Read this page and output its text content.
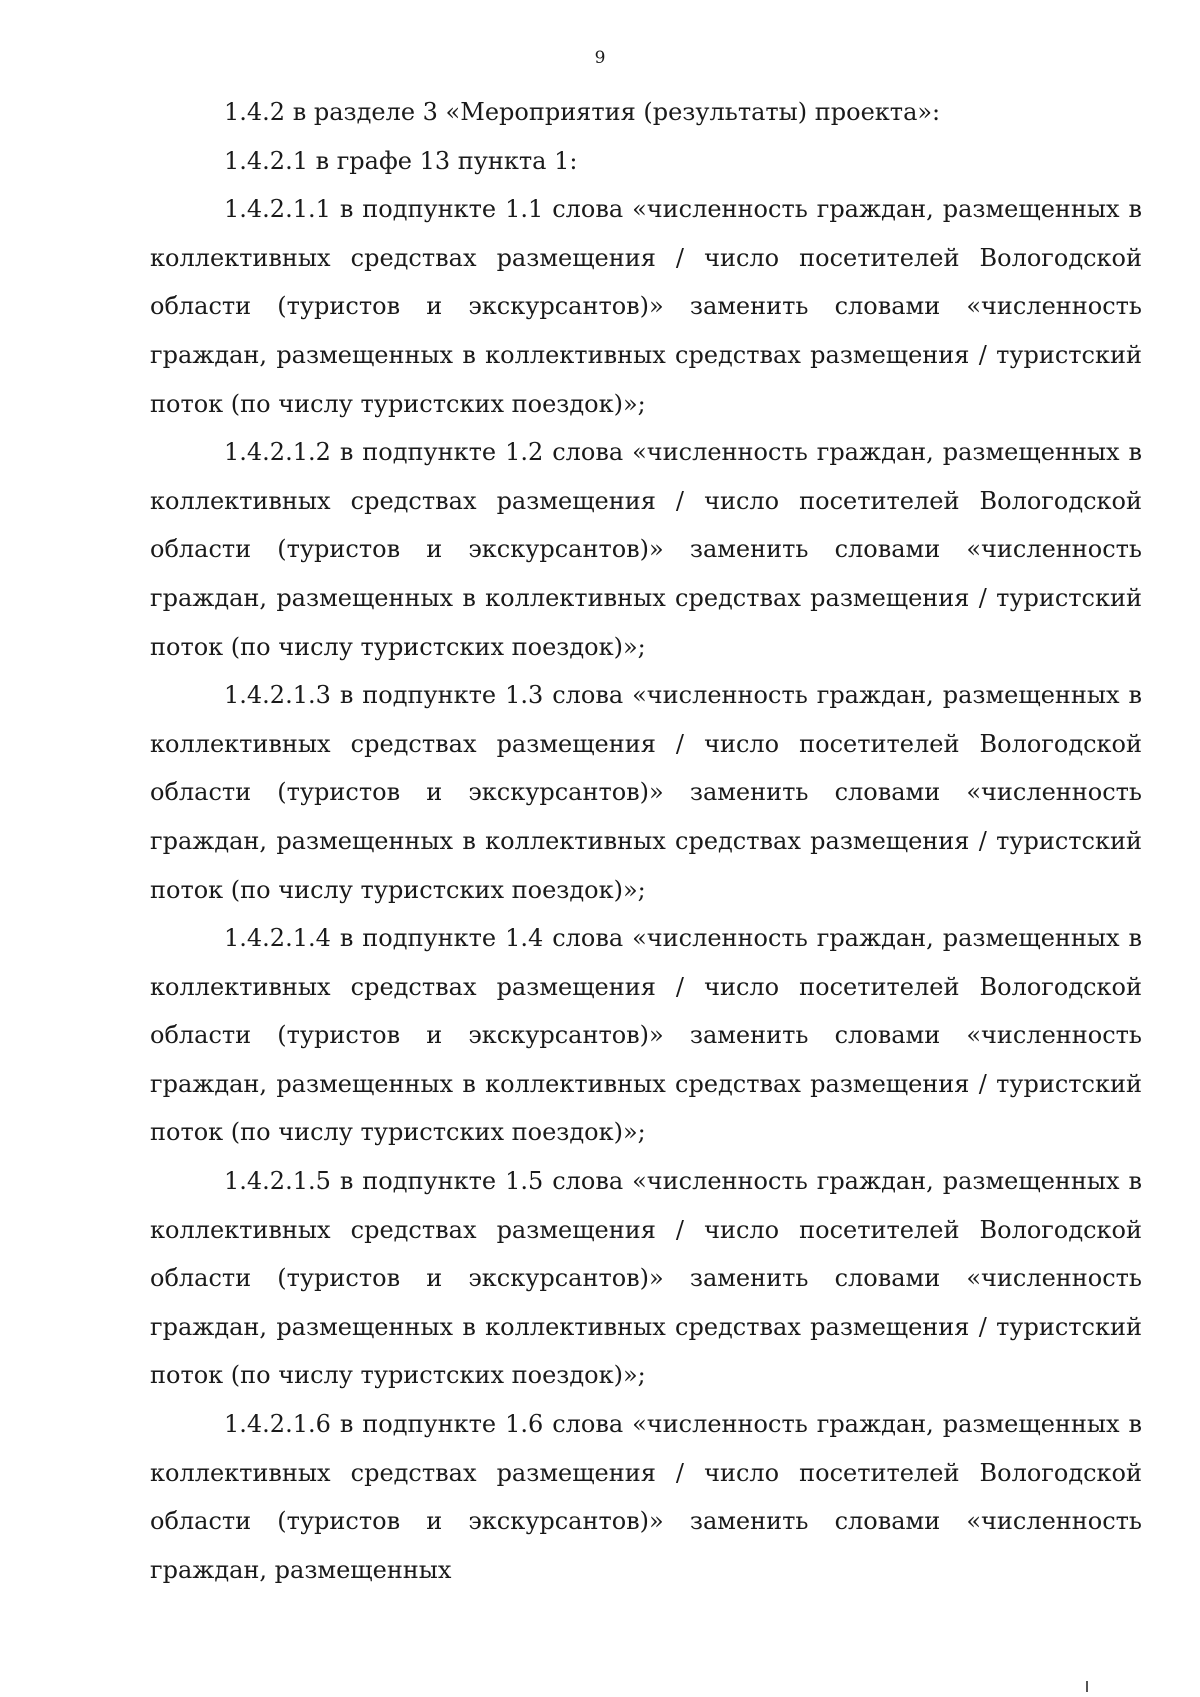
9

1.4.2 в разделе 3 «Мероприятия (результаты) проекта»:

1.4.2.1 в графе 13 пункта 1:

1.4.2.1.1 в подпункте 1.1 слова «численность граждан, размещенных в коллективных средствах размещения / число посетителей Вологодской области (туристов и экскурсантов)» заменить словами «численность граждан, размещенных в коллективных средствах размещения / туристский поток (по числу туристских поездок)»;

1.4.2.1.2 в подпункте 1.2 слова «численность граждан, размещенных в коллективных средствах размещения / число посетителей Вологодской области (туристов и экскурсантов)» заменить словами «численность граждан, размещенных в коллективных средствах размещения / туристский поток (по числу туристских поездок)»;

1.4.2.1.3 в подпункте 1.3 слова «численность граждан, размещенных в коллективных средствах размещения / число посетителей Вологодской области (туристов и экскурсантов)» заменить словами «численность граждан, размещенных в коллективных средствах размещения / туристский поток (по числу туристских поездок)»;

1.4.2.1.4 в подпункте 1.4 слова «численность граждан, размещенных в коллективных средствах размещения / число посетителей Вологодской области (туристов и экскурсантов)» заменить словами «численность граждан, размещенных в коллективных средствах размещения / туристский поток (по числу туристских поездок)»;

1.4.2.1.5 в подпункте 1.5 слова «численность граждан, размещенных в коллективных средствах размещения / число посетителей Вологодской области (туристов и экскурсантов)» заменить словами «численность граждан, размещенных в коллективных средствах размещения / туристский поток (по числу туристских поездок)»;

1.4.2.1.6 в подпункте 1.6 слова «численность граждан, размещенных в коллективных средствах размещения / число посетителей Вологодской области (туристов и экскурсантов)» заменить словами «численность граждан, размещенных
